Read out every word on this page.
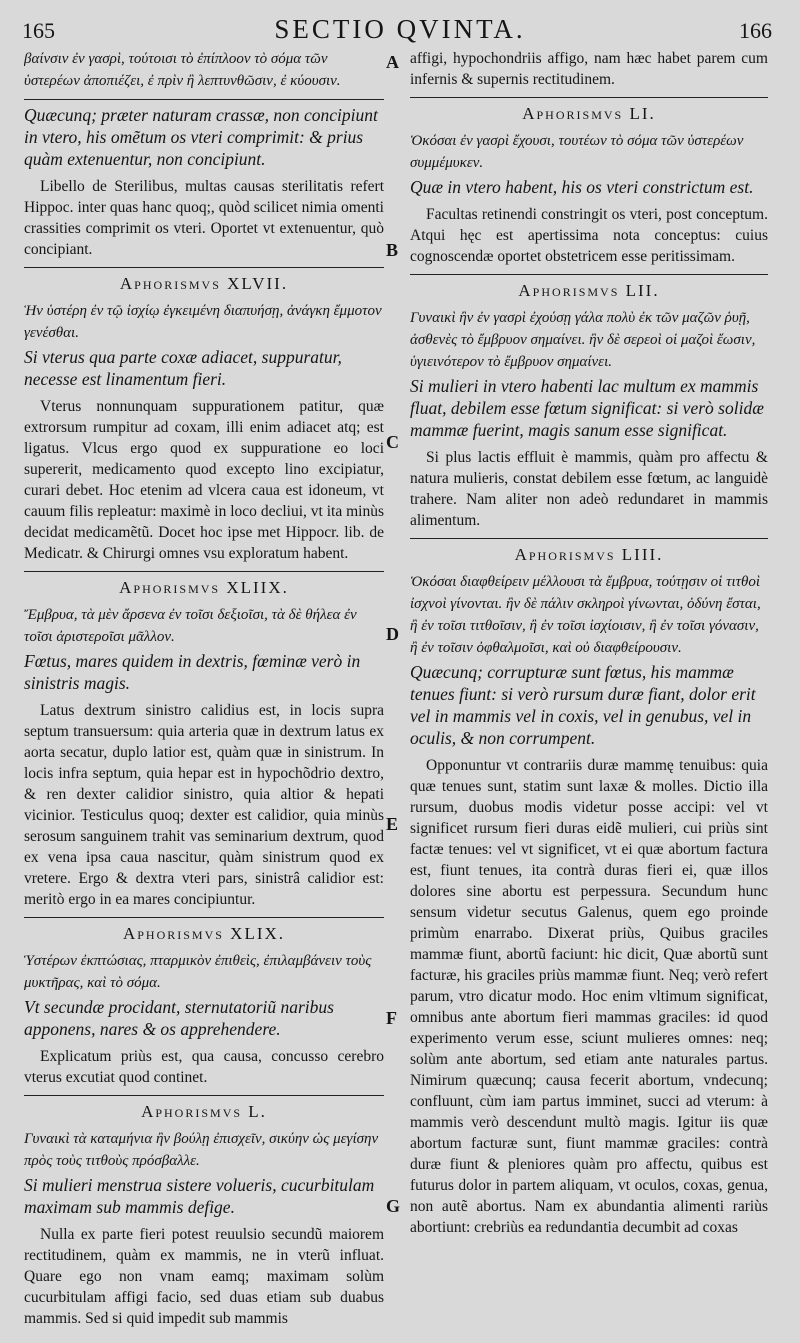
165	SECTIO QVINTA.	166

βαίνσιν ἐν γασρὶ, τούτοισι τὸ ἐπίπλοον τὸ σόμα τῶν ὑστερέων ἀποπιέζει, ἐ πρὶν ἢ λεπτυνθῶσιν, ἐ κύουσιν.

Quæcunq; præter naturam crassæ, non concipiunt in vtero, his omẽtum os vteri comprimit: & prius quàm extenuentur, non concipiunt.

Libello de Sterilibus, multas causas sterilitatis refert Hippoc. inter quas hanc quoq;, quòd scilicet nimia omenti crassities comprimit os vteri. Oportet vt extenuentur, quò concipiant.

Aphorismvs XLVII.

Ἡν ὑστέρη ἐν τῷ ἰσχίῳ ἐγκειμένη διαπυήσῃ, ἀνάγκη ἔμμοτον γενέσθαι.

Si vterus qua parte coxæ adiacet, suppuratur, necesse est linamentum fieri.

Vterus nonnunquam suppurationem patitur, quæ extrorsum rumpitur ad coxam, illi enim adiacet atq; est ligatus. Vlcus ergo quod ex suppuratione eo loci supererit, medicamento quod excepto lino excipiatur, curari debet. Hoc etenim ad vlcera caua est idoneum, vt cauum filis repleatur: maximè in loco decliui, vt ita minùs decidat medicamẽtũ. Docet hoc ipse met Hippocr. lib. de Medicatr. & Chirurgi omnes vsu exploratum habent.

Aphorismvs XLIIX.

Ἔμβρυα, τὰ μὲν ἄρσενα ἐν τοῖσι δεξιοῖσι, τὰ δὲ θήλεα ἐν τοῖσι ἀριστεροῖσι μᾶλλον.

Fœtus, mares quidem in dextris, fœminæ verò in sinistris magis.

Latus dextrum sinistro calidius est, in locis supra septum transuersum: quia arteria quæ in dextrum latus ex aorta secatur, duplo latior est, quàm quæ in sinistrum. In locis infra septum, quia hepar est in hypochõdrio dextro, & ren dexter calidior sinistro, quia altior & hepati vicinior. Testiculus quoq; dexter est calidior, quia minùs serosum sanguinem trahit vas seminarium dextrum, quod ex vena ipsa caua nascitur, quàm sinistrum quod ex vretere. Ergo & dextra vteri pars, sinistrâ calidior est: meritò ergo in ea mares concipiuntur.

Aphorismvs XLIX.

Ὑστέρων ἐκπτώσιας, πταρμικὸν ἐπιθεὶς, ἐπιλαμβάνειν τοὺς μυκτῆρας, καὶ τὸ σόμα.

Vt secundæ procidant, sternutatoriũ naribus apponens, nares & os apprehendere.

Explicatum priùs est, qua causa, concusso cerebro vterus excutiat quod continet.

Aphorismvs L.

Γυναικὶ τὰ καταμήνια ἢν βούλῃ ἐπισχεῖν, σικύην ὡς μεγίσην πρὸς τοὺς τιτθοὺς πρόσβαλλε.

Si mulieri menstrua sistere volueris, cucurbitulam maximam sub mammis defige.

Nulla ex parte fieri potest reuulsio secundũ maiorem rectitudinem, quàm ex mammis, ne in vterũ influat. Quare ego non vnam eamq; maximam solùm cucurbitulam affigi facio, sed duas etiam sub duabus mammis. Sed si quid impedit sub mammis

A
B
C
D
E
F
G

affigi, hypochondriis affigo, nam hæc habet parem cum infernis & supernis rectitudinem.

Aphorismvs LI.

Ὁκόσαι ἐν γασρὶ ἔχουσι, τουτέων τὸ σόμα τῶν ὑστερέων συμμέμυκεν.

Quæ in vtero habent, his os vteri constrictum est.

Facultas retinendi constringit os vteri, post conceptum. Atqui hęc est apertissima nota conceptus: cuius cognoscendæ oportet obstetricem esse peritissimam.

Aphorismvs LII.

Γυναικὶ ἢν ἐν γασρὶ ἐχούσῃ γάλα πολὺ ἐκ τῶν μαζῶν ῥυῇ, ἀσθενὲς τὸ ἔμβρυον σημαίνει. ἢν δὲ σερεοὶ οἱ μαζοὶ ἔωσιν, ὑγιεινότερον τὸ ἔμβρυον σημαίνει.

Si mulieri in vtero habenti lac multum ex mammis fluat, debilem esse fœtum significat: si verò solidæ mammæ fuerint, magis sanum esse significat.

Si plus lactis effluit è mammis, quàm pro affectu & natura mulieris, constat debilem esse fœtum, ac languidè trahere. Nam aliter non adeò redundaret in mammis alimentum.

Aphorismvs LIII.

Ὁκόσαι διαφθείρειν μέλλουσι τὰ ἔμβρυα, τούτῃσιν οἱ τιτθοὶ ἰσχνοὶ γίνονται. ἢν δὲ πάλιν σκληροὶ γίνωνται, ὀδύνη ἔσται, ἢ ἐν τοῖσι τιτθοῖσιν, ἢ ἐν τοῖσι ἰσχίοισιν, ἢ ἐν τοῖσι γόνασιν, ἢ ἐν τοῖσιν ὀφθαλμοῖσι, καὶ οὐ διαφθείρουσιν.

Quæcunq; corrupturæ sunt fœtus, his mammæ tenues fiunt: si verò rursum duræ fiant, dolor erit vel in mammis vel in coxis, vel in genubus, vel in oculis, & non corrumpent.

Opponuntur vt contrariis duræ mammę tenuibus: quia quæ tenues sunt, statim sunt laxæ & molles. Dictio illa rursum, duobus modis videtur posse accipi: vel vt significet rursum fieri duras eidẽ mulieri, cui priùs sint factæ tenues: vel vt significet, vt ei quæ abortum factura est, fiunt tenues, ita contrà duras fieri ei, quæ illos dolores sine abortu est perpessura. Secundum hunc sensum videtur secutus Galenus, quem ego proinde primùm enarrabo. Dixerat priùs, Quibus graciles mammæ fiunt, abortũ faciunt: hic dicit, Quæ abortũ sunt facturæ, his graciles priùs mammæ fiunt. Neq; verò refert parum, vtro dicatur modo. Hoc enim vltimum significat, omnibus ante abortum fieri mammas graciles: id quod experimento verum esse, sciunt mulieres omnes: neq; solùm ante abortum, sed etiam ante naturales partus. Nimirum quæcunq; causa fecerit abortum, vndecunq; confluunt, cùm iam partus imminet, succi ad vterum: à mammis verò descendunt multò magis. Igitur iis quæ abortum facturæ sunt, fiunt mammæ graciles: contrà duræ fiunt & pleniores quàm pro affectu, quibus est futurus dolor in partem aliquam, vt oculos, coxas, genua, non autẽ abortus. Nam ex abundantia alimenti rariùs abortiunt: crebriùs ea redundantia decumbit ad coxas
